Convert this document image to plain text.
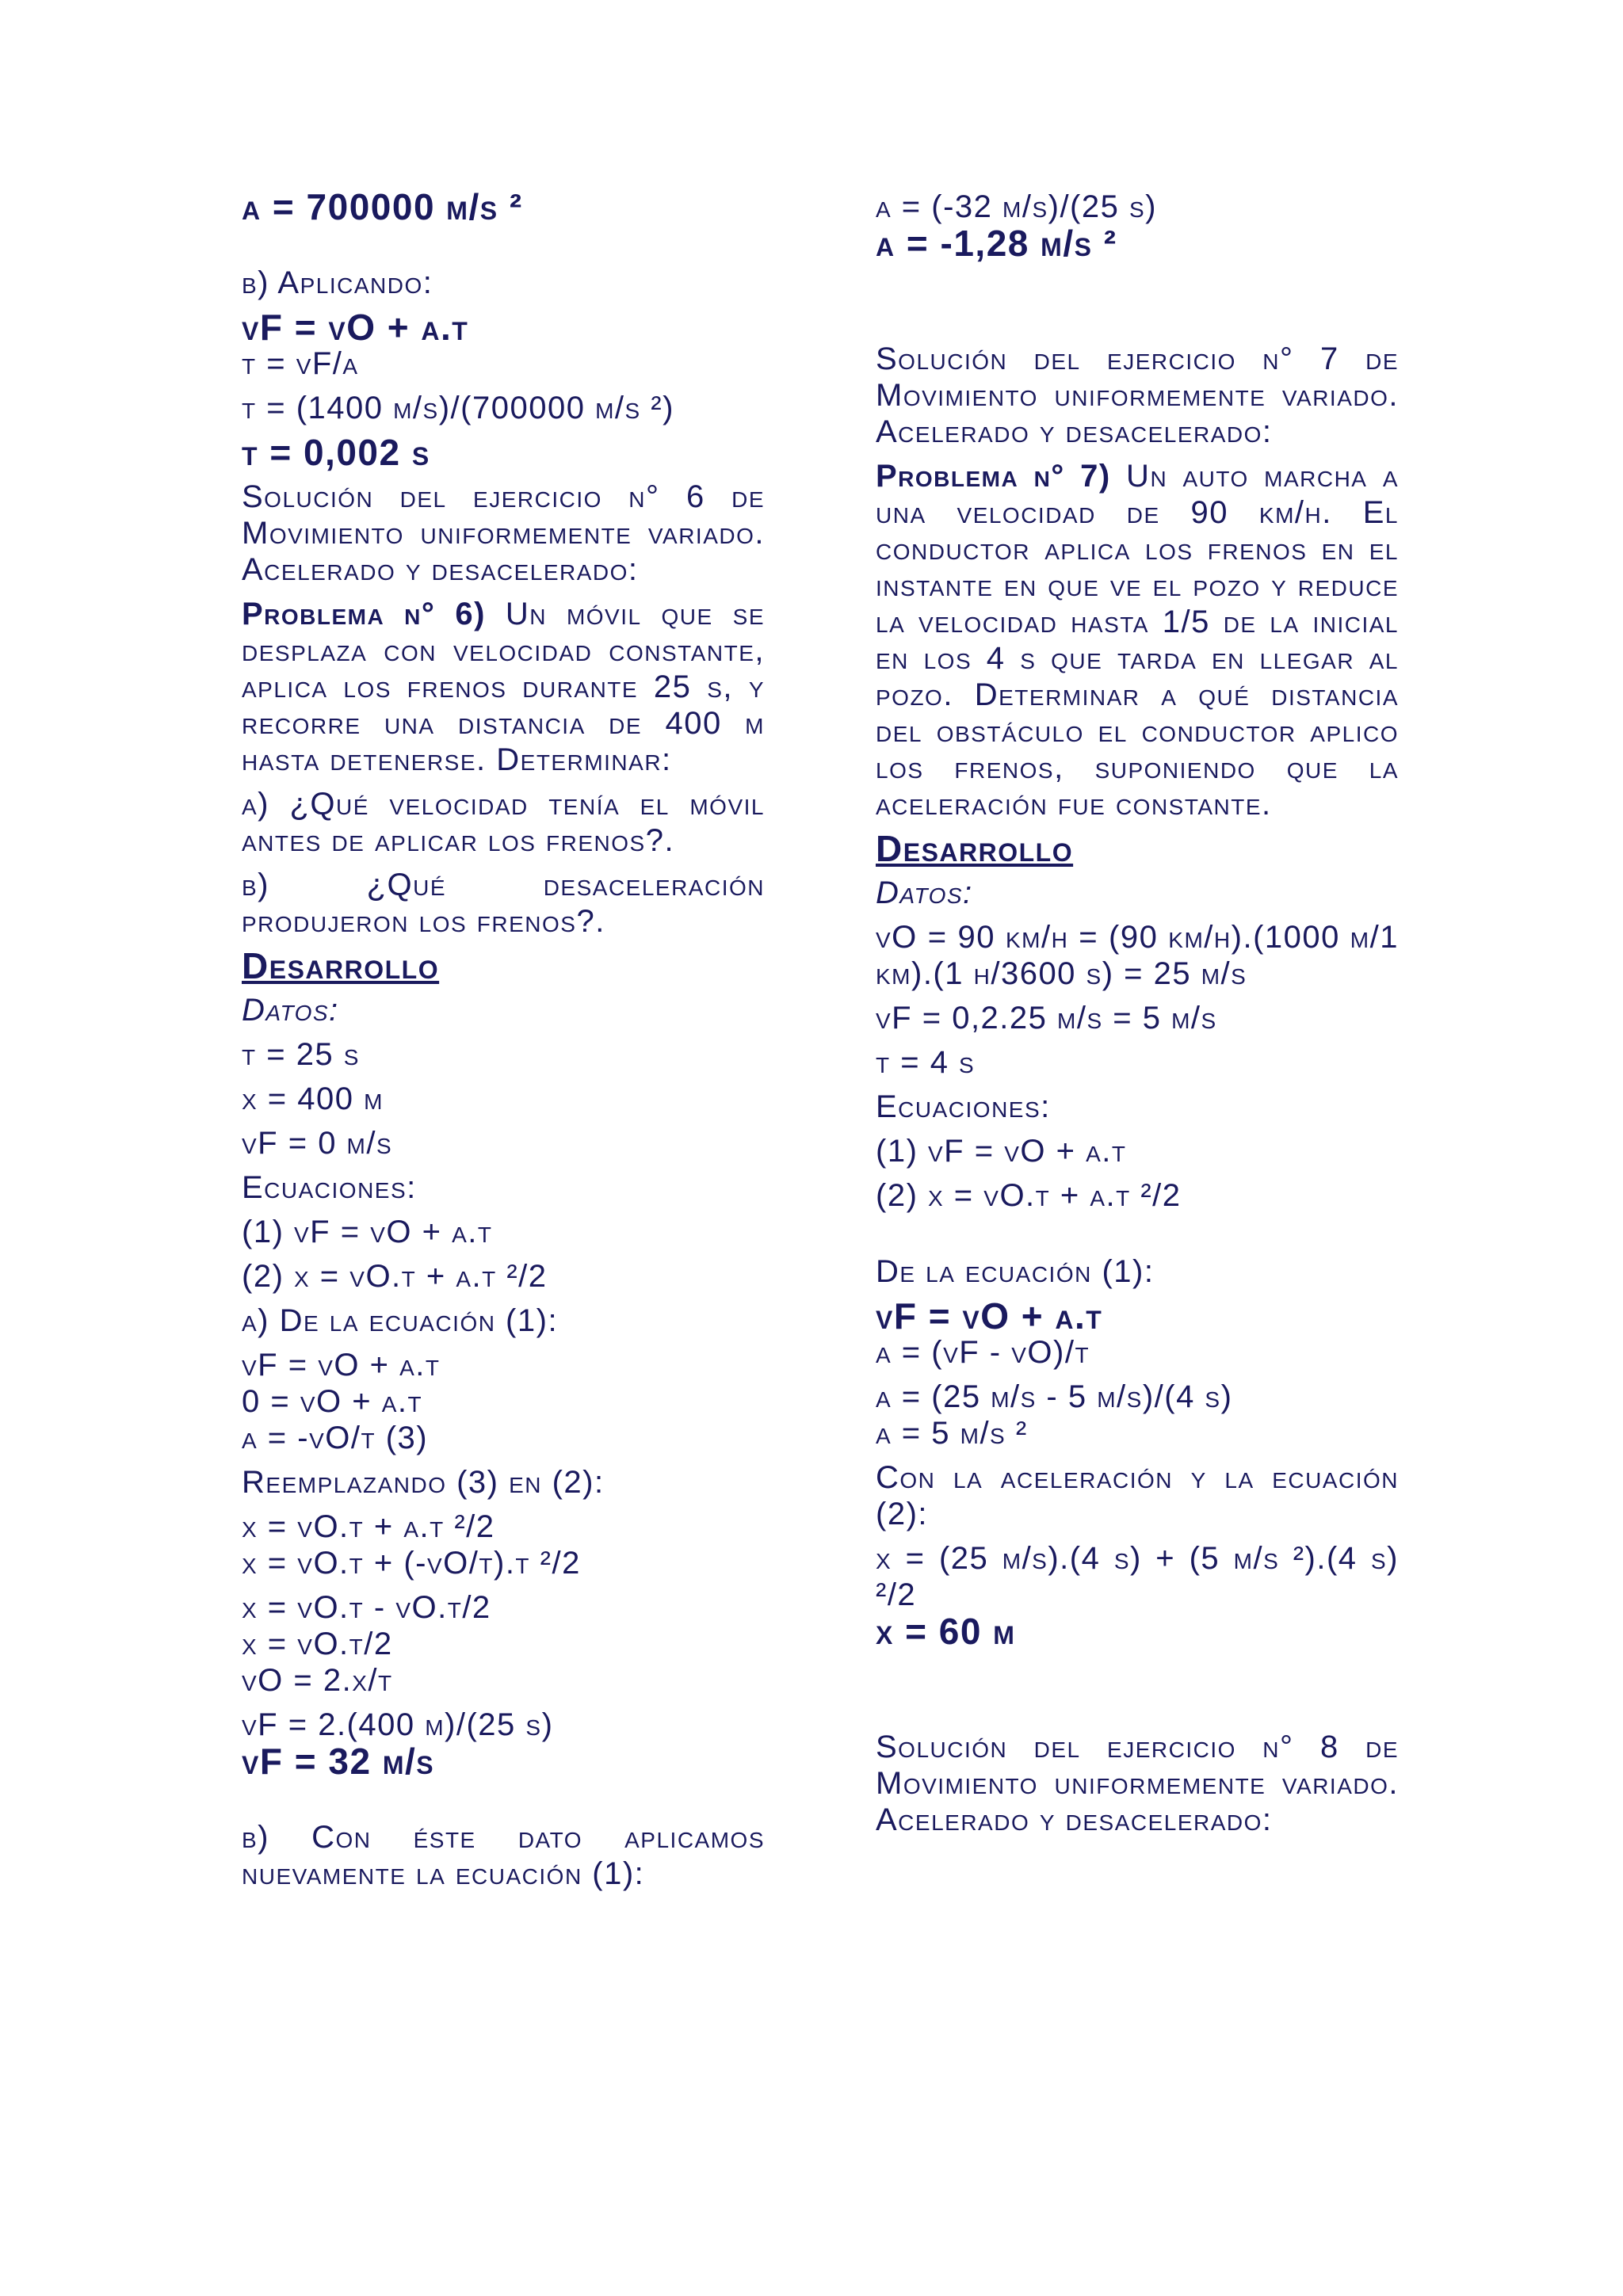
a = 700000 m/s ²

b) Aplicando:

vF = vO + a.t

t = vF/a

t = (1400 m/s)/(700000 m/s ²)

t = 0,002 s

Solución del ejercicio n° 6 de Movimiento uniformemente variado. Acelerado y desacelerado:

Problema n° 6) Un móvil que se desplaza con velocidad constante, aplica los frenos durante 25 s, y recorre una distancia de 400 m hasta detenerse. Determinar:

a) ¿Qué velocidad tenía el móvil antes de aplicar los frenos?.

b) ¿Qué desaceleración produjeron los frenos?.

Desarrollo

Datos:

t = 25 s

x = 400 m

vF = 0 m/s

Ecuaciones:

(1) vF = vO + a.t

(2) x = vO.t + a.t ²/2

a) De la ecuación (1):

vF = vO + a.t

0 = vO + a.t

a = -vO/t (3)

Reemplazando (3) en (2):

x = vO.t + a.t ²/2

x = vO.t + (-vO/t).t ²/2

x = vO.t - vO.t/2

x = vO.t/2

vO = 2.x/t

vF = 2.(400 m)/(25 s)

vF = 32 m/s

b) Con éste dato aplicamos nuevamente la ecuación (1):

a = (-32 m/s)/(25 s)

a = -1,28 m/s ²

Solución del ejercicio n° 7 de Movimiento uniformemente variado. Acelerado y desacelerado:

Problema n° 7) Un auto marcha a una velocidad de 90 km/h. El conductor aplica los frenos en el instante en que ve el pozo y reduce la velocidad hasta 1/5 de la inicial en los 4 s que tarda en llegar al pozo. Determinar a qué distancia del obstáculo el conductor aplico los frenos, suponiendo que la aceleración fue constante.

Desarrollo

Datos:

vO = 90 km/h = (90 km/h).(1000 m/1 km).(1 h/3600 s) = 25 m/s

vF = 0,2.25 m/s = 5 m/s

t = 4 s

Ecuaciones:

(1) vF = vO + a.t

(2) x = vO.t + a.t ²/2

De la ecuación (1):

vF = vO + a.t

a = (vF - vO)/t

a = (25 m/s - 5 m/s)/(4 s)

a = 5 m/s ²

Con la aceleración y la ecuación (2):

x = (25 m/s).(4 s) + (5 m/s ²).(4 s) ²/2

x = 60 m

Solución del ejercicio n° 8 de Movimiento uniformemente variado. Acelerado y desacelerado:
